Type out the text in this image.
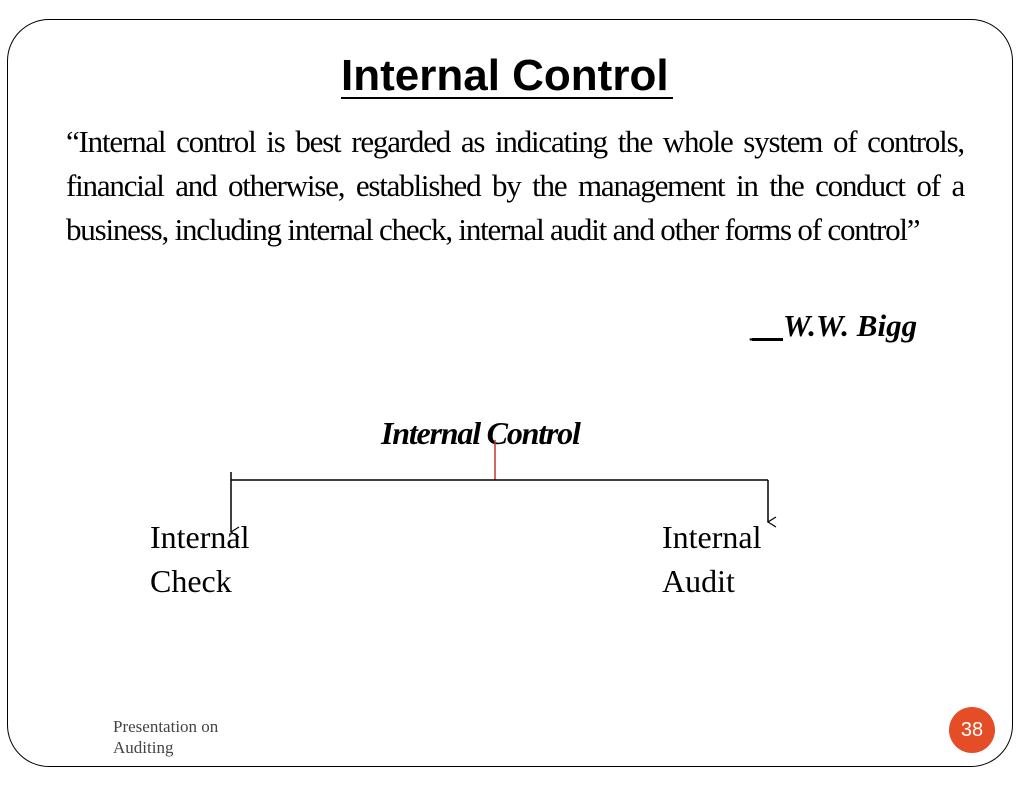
Internal Control

“Internal control is best regarded as indicating the whole system of controls, financial and otherwise, established by the management in the conduct of a business, including internal check, internal audit and other forms of control”

__W.W. Bigg
Internal Control
Internal
Check
Internal
Audit
Presentation on Auditing
38
